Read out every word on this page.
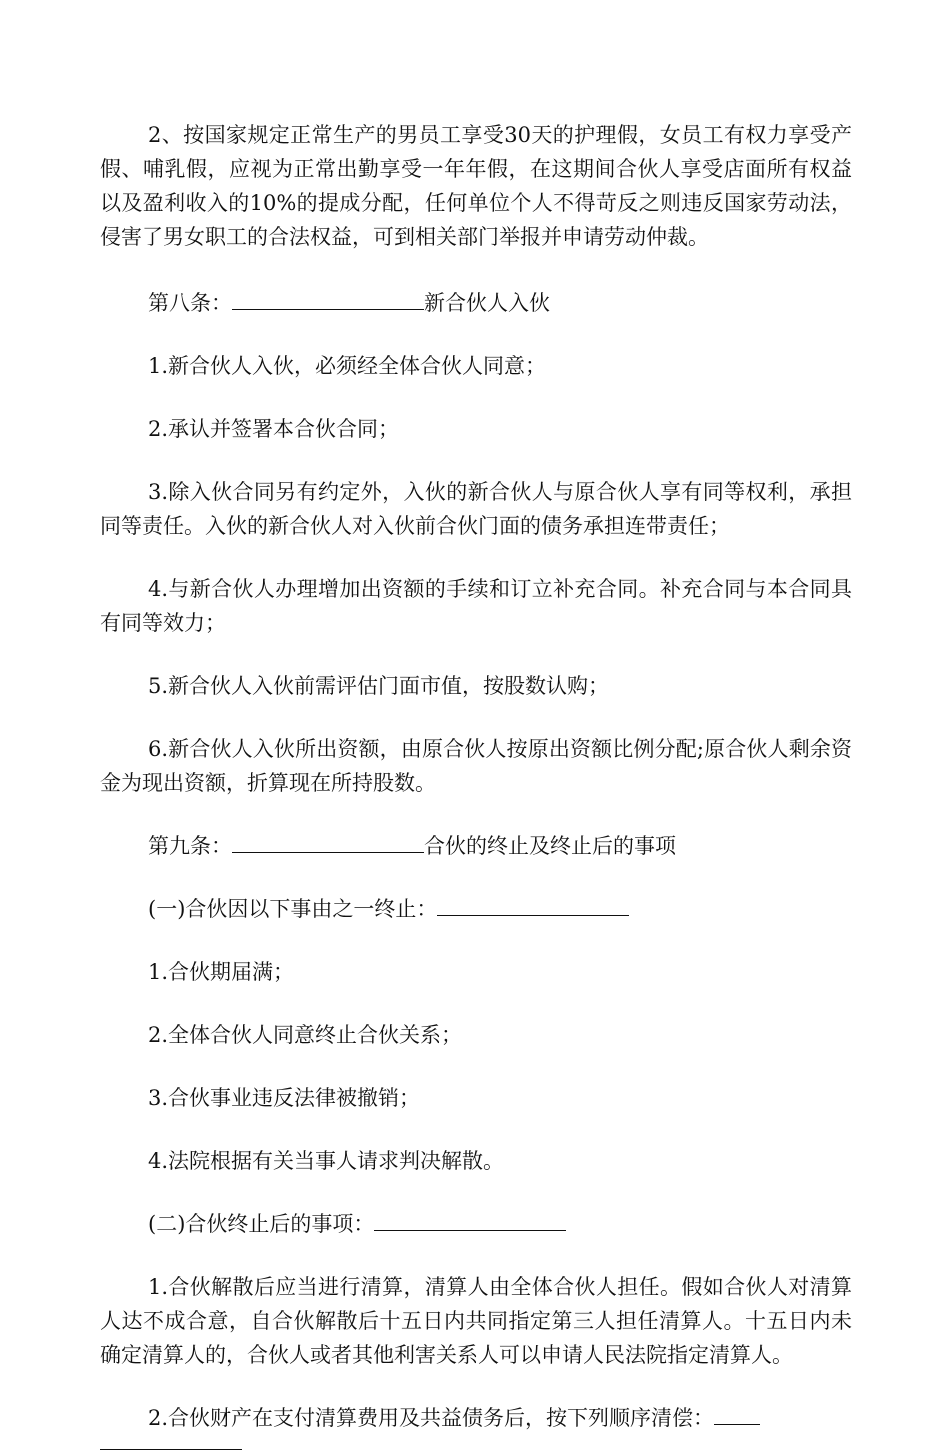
2、按国家规定正常生产的男员工享受30天的护理假，女员工有权力享受产假、哺乳假，应视为正常出勤享受一年年假，在这期间合伙人享受店面所有权益以及盈利收入的10%的提成分配，任何单位个人不得苛反之则违反国家劳动法，侵害了男女职工的合法权益，可到相关部门举报并申请劳动仲裁。

第八条：	新合伙人入伙

1.新合伙人入伙，必须经全体合伙人同意；

2.承认并签署本合伙合同；

3.除入伙合同另有约定外，入伙的新合伙人与原合伙人享有同等权利，承担同等责任。入伙的新合伙人对入伙前合伙门面的债务承担连带责任；

4.与新合伙人办理增加出资额的手续和订立补充合同。补充合同与本合同具有同等效力；

5.新合伙人入伙前需评估门面市值，按股数认购；

6.新合伙人入伙所出资额，由原合伙人按原出资额比例分配;原合伙人剩余资金为现出资额，折算现在所持股数。

第九条：	合伙的终止及终止后的事项

(一)合伙因以下事由之一终止：

1.合伙期届满；

2.全体合伙人同意终止合伙关系；

3.合伙事业违反法律被撤销；

4.法院根据有关当事人请求判决解散。

(二)合伙终止后的事项：

1.合伙解散后应当进行清算，清算人由全体合伙人担任。假如合伙人对清算人达不成合意，自合伙解散后十五日内共同指定第三人担任清算人。十五日内未确定清算人的，合伙人或者其他利害关系人可以申请人民法院指定清算人。

2.合伙财产在支付清算费用及共益债务后，按下列顺序清偿：
